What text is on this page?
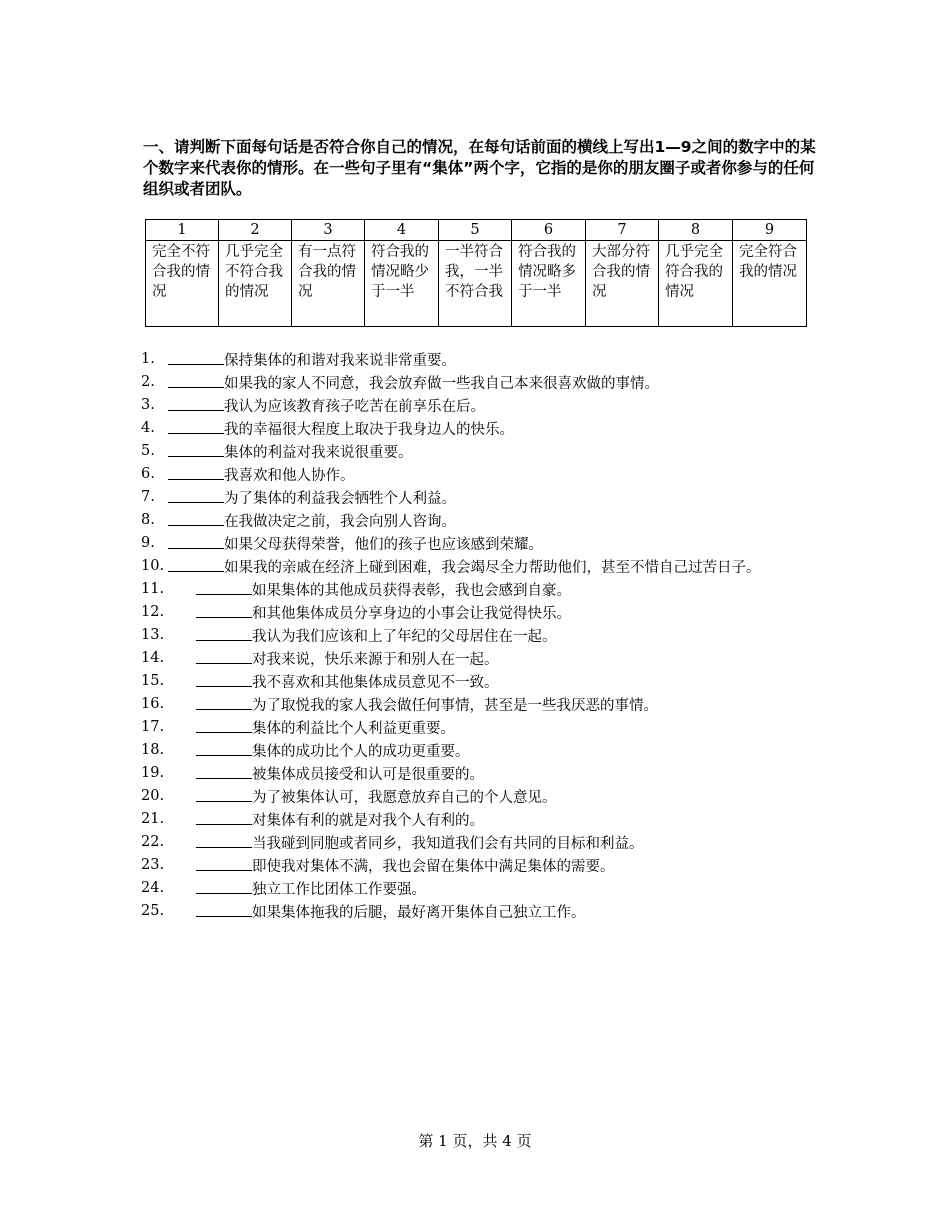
一、请判断下面每句话是否符合你自己的情况，在每句话前面的横线上写出1—9之间的数字中的某个数字来代表你的情形。在一些句子里有“集体”两个字，它指的是你的朋友圈子或者你参与的任何组织或者团队。

1	2	3	4	5	6	7	8	9

完全不符合我的情况	几乎完全不符合我的情况	有一点符合我的情况	符合我的情况略少于一半	一半符合我，一半不符合我	符合我的情况略多于一半	大部分符合我的情况	几乎完全符合我的情况	完全符合我的情况
1.	保持集体的和谐对我来说非常重要。
2.	如果我的家人不同意，我会放弃做一些我自己本来很喜欢做的事情。
3.	我认为应该教育孩子吃苦在前享乐在后。
4.	我的幸福很大程度上取决于我身边人的快乐。
5.	集体的利益对我来说很重要。
6.	我喜欢和他人协作。
7.	为了集体的利益我会牺牲个人利益。
8.	在我做决定之前，我会向别人咨询。
9.	如果父母获得荣誉，他们的孩子也应该感到荣耀。
10.	如果我的亲戚在经济上碰到困难，我会竭尽全力帮助他们，甚至不惜自己过苦日子。
11.	如果集体的其他成员获得表彰，我也会感到自豪。
12.	和其他集体成员分享身边的小事会让我觉得快乐。
13.	我认为我们应该和上了年纪的父母居住在一起。
14.	对我来说，快乐来源于和别人在一起。
15.	我不喜欢和其他集体成员意见不一致。
16.	为了取悦我的家人我会做任何事情，甚至是一些我厌恶的事情。
17.	集体的利益比个人利益更重要。
18.	集体的成功比个人的成功更重要。
19.	被集体成员接受和认可是很重要的。
20.	为了被集体认可，我愿意放弃自己的个人意见。
21.	对集体有利的就是对我个人有利的。
22.	当我碰到同胞或者同乡，我知道我们会有共同的目标和利益。
23.	即使我对集体不满，我也会留在集体中满足集体的需要。
24.	独立工作比团体工作要强。
25.	如果集体拖我的后腿，最好离开集体自己独立工作。
第 1 页，共 4 页
